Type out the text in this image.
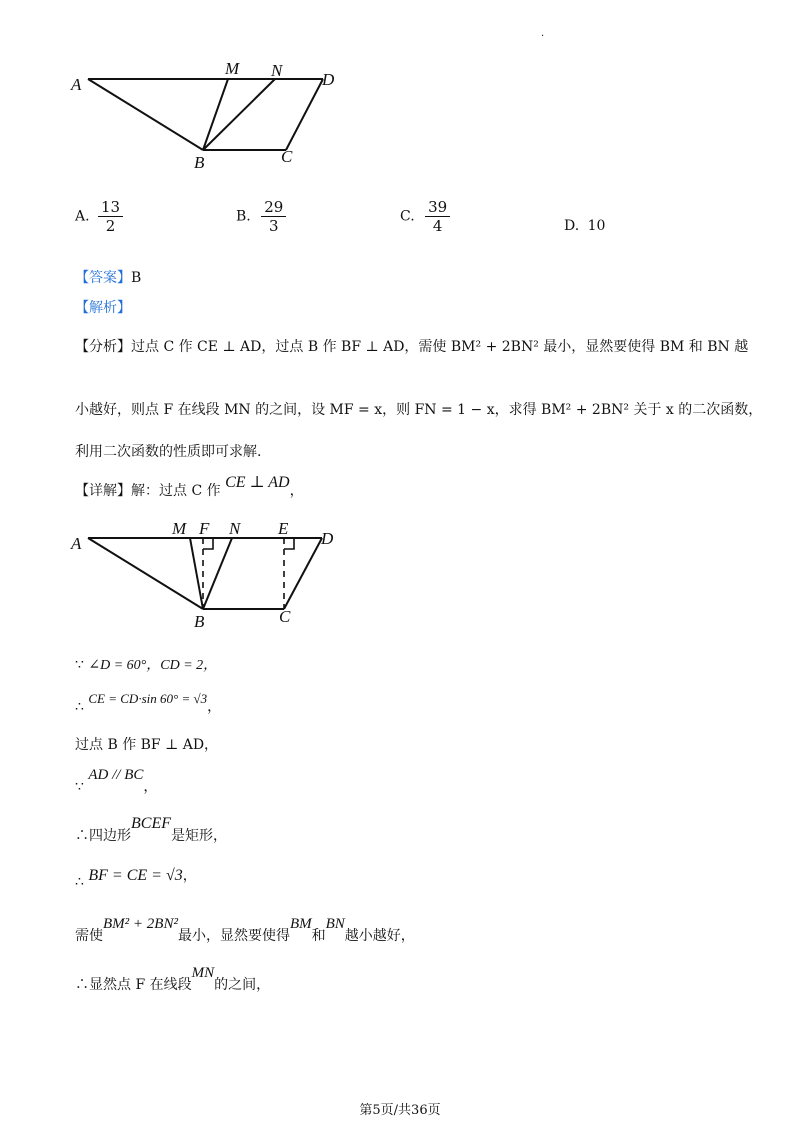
·
A
M N D
B	C
A. $\frac{13}{2}$	B. $\frac{29}{3}$	C. $\frac{39}{4}$	D. 10
【答案】B
【解析】
【分析】过点 C 作 CE ⊥ AD，过点 B 作 BF ⊥ AD，需使 BM² + 2BN² 最小，显然要使得 BM 和 BN 越
小越好，则点 F 在线段 MN 的之间，设 MF = x，则 FN = 1 − x，求得 BM² + 2BN² 关于 x 的二次函数，
利用二次函数的性质即可求解.
【详解】解：过点 C 作 CE ⊥ AD，
A
M F N E
D
B	C
∵ ∠D = 60°，CD = 2，
∴ CE = CD·sin 60° = √3，
过点 B 作 BF ⊥ AD，
∵ AD // BC，
∴四边形BCEF是矩形，
∴ BF = CE = √3，
需使BM² + 2BN²最小，显然要使得BM和BN越小越好，
∴显然点 F 在线段MN的之间，
第5页/共36页
